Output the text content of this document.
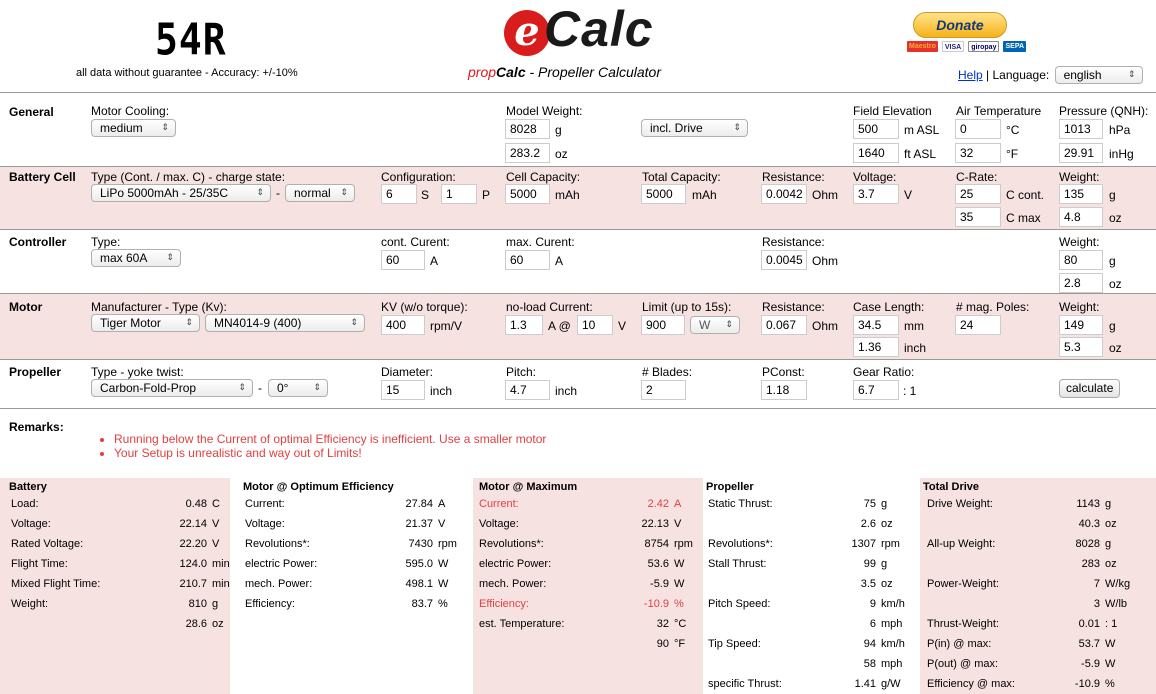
54R
all data without guarantee - Accuracy: +/-10%
e Calc
propCalc - Propeller Calculator
Donate
Maestro	VISA	giropay	SEPA
Help | Language: english	⇕
General	Motor Cooling:
medium ⇕
Model Weight:
8028	g
283.2	oz
incl. Drive	⇕
Field Elevation
500	m ASL
1640	ft ASL
Air Temperature
0	°C
32	°F
Pressure (QNH):
1013	hPa
29.91	inHg
Battery Cell Type (Cont. / max. C) - charge state:
LiPo 5000mAh - 25/35C	⇕ -	normal ⇕
Configuration:
6	S	1	P
Cell Capacity:
5000	mAh
Total Capacity:
5000	mAh
Resistance:
0.0042 Ohm
Voltage:
3.7	V
C-Rate:
25	C cont.
35	C max
Weight:
135	g
4.8	oz
Controller Type:
max 60A ⇕
cont. Curent:
60	A
max. Curent:
60	A
Resistance:
0.0045 Ohm
Weight:
80	g
2.8	oz
Motor	Manufacturer - Type (Kv):
Tiger Motor	⇕	MN4014-9 (400)	⇕
KV (w/o torque):
400	rpm/V
no-load Current:
1.3	A @ 10	V
Limit (up to 15s):
900	W ⇕
Resistance:
0.067	Ohm
Case Length:
34.5	mm
1.36	inch
# mag. Poles:
24
Weight:
149	g
5.3	oz
Propeller Type - yoke twist:
Carbon-Fold-Prop	⇕ -	0°	⇕
Diameter:
15	inch
Pitch:
4.7	inch
# Blades:
2
PConst:
1.18
Gear Ratio:
6.7	: 1	calculate
Remarks:
• Running below the Current of optimal Efficiency is inefficient. Use a smaller motor
• Your Setup is unrealistic and way out of Limits!
Battery
Load:	0.48 C
Voltage:	22.14 V
Rated Voltage:	22.20 V
Flight Time:	124.0 min
Mixed Flight Time:	210.7 min
Weight:	810 g
28.6 oz
Motor @ Optimum Efficiency
Current:	27.84 A
Voltage:	21.37 V
Revolutions*:	7430 rpm
electric Power:	595.0 W
mech. Power:	498.1 W
Efficiency:	83.7 %
Motor @ Maximum
Current:	2.42 A
Voltage:	22.13 V
Revolutions*:	8754 rpm
electric Power:	53.6 W
mech. Power:	-5.9 W
Efficiency:	-10.9 %
est. Temperature:	32 °C
90 °F
Propeller
Static Thrust:	75 g
2.6 oz
Revolutions*:	1307 rpm
Stall Thrust:	99 g
3.5 oz
Pitch Speed:	9 km/h
6 mph
Tip Speed:	94 km/h
58 mph
specific Thrust:	1.41 g/W
Total Drive
Drive Weight:	1143 g
40.3 oz
All-up Weight:	8028 g
283 oz
Power-Weight:	7 W/kg
3 W/lb
Thrust-Weight:	0.01 : 1
P(in) @ max:	53.7 W
P(out) @ max:	-5.9 W
Efficiency @ max:	-10.9 %
